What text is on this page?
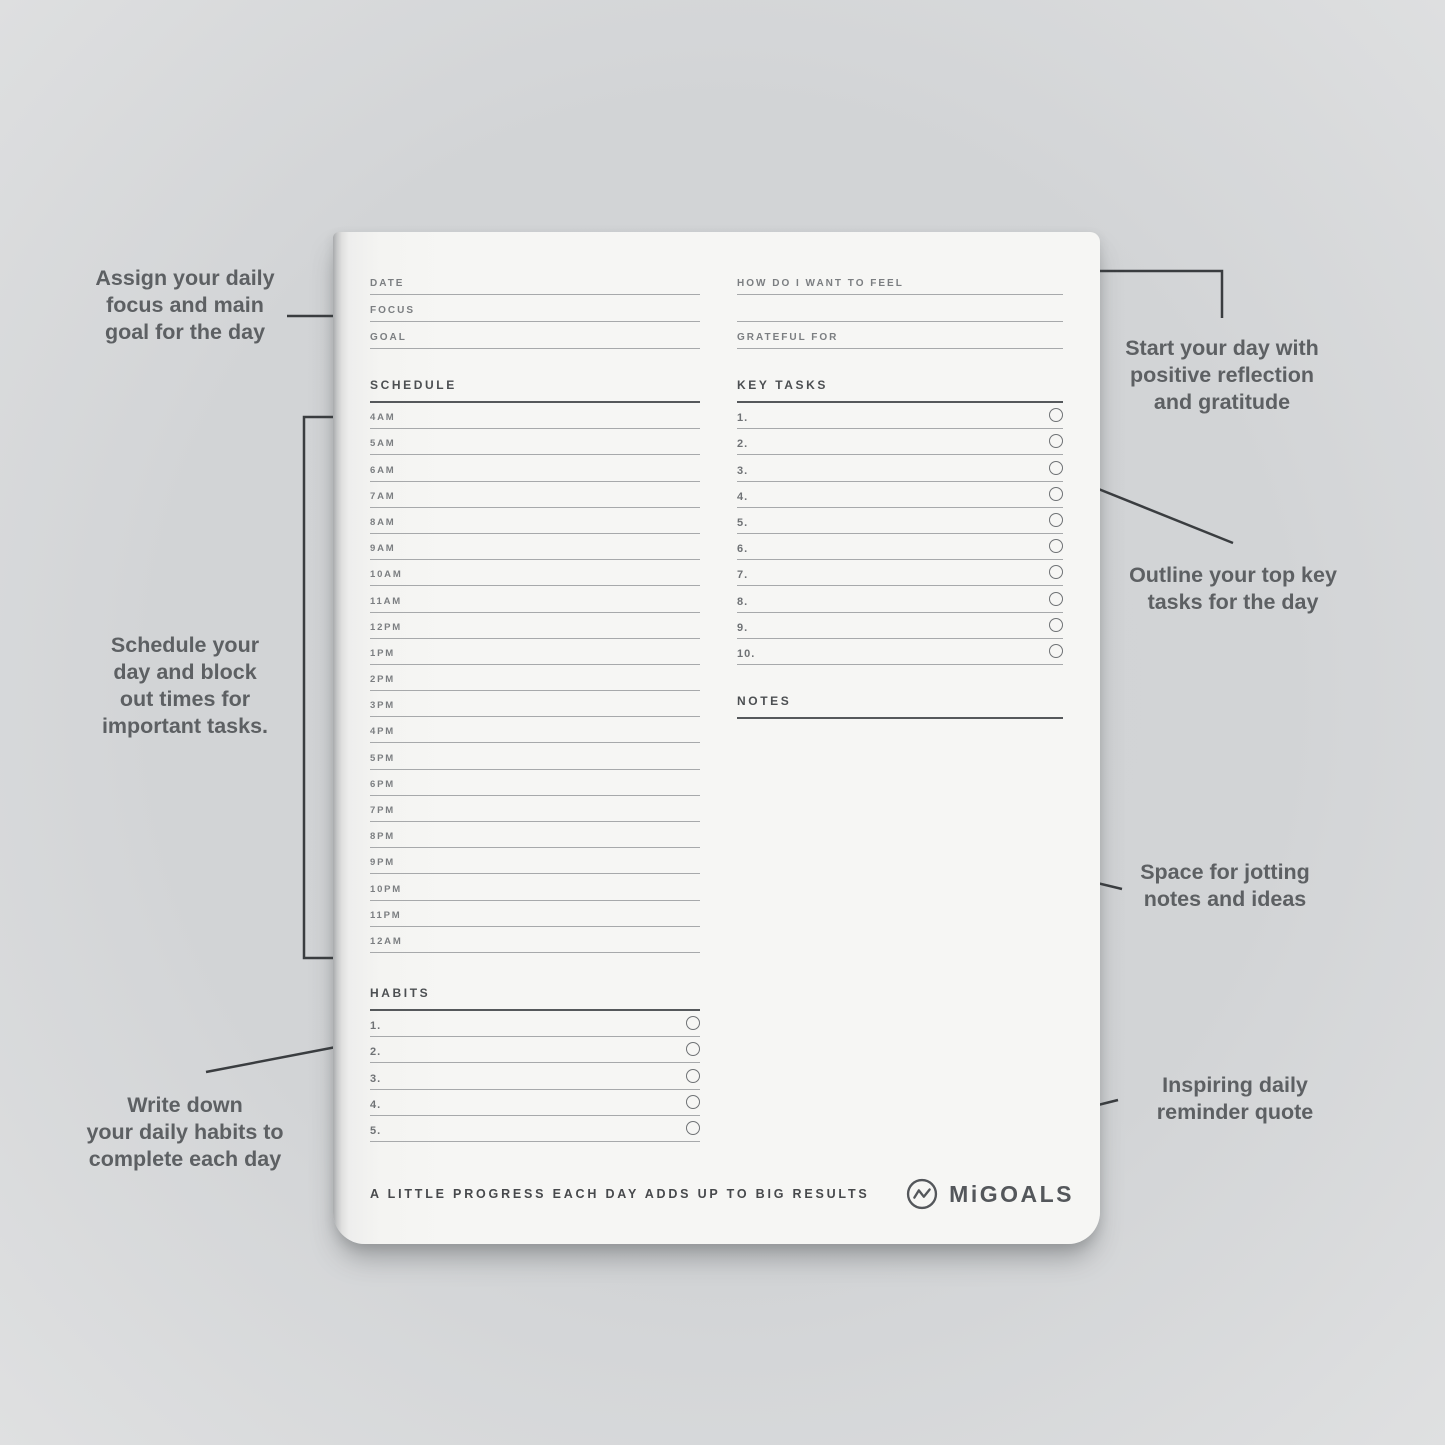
Assign your daily
focus and main
goal for the day
Schedule your
day and block
out times for
important tasks.
Write down
your daily habits to
complete each day
Start your day with
positive reflection
and gratitude
Outline your top key
tasks for the day
Space for jotting
notes and ideas
Inspiring daily
reminder quote
DATE
FOCUS
GOAL
HOW DO I WANT TO FEEL
GRATEFUL FOR
SCHEDULE
4AM
5AM
6AM
7AM
8AM
9AM
10AM
11AM
12PM
1PM
2PM
3PM
4PM
5PM
6PM
7PM
8PM
9PM
10PM
11PM
12AM
KEY TASKS
1.
2.
3.
4.
5.
6.
7.
8.
9.
10.
NOTES
HABITS
1.
2.
3.
4.
5.
A LITTLE PROGRESS EACH DAY ADDS UP TO BIG RESULTS	MiGOALS
